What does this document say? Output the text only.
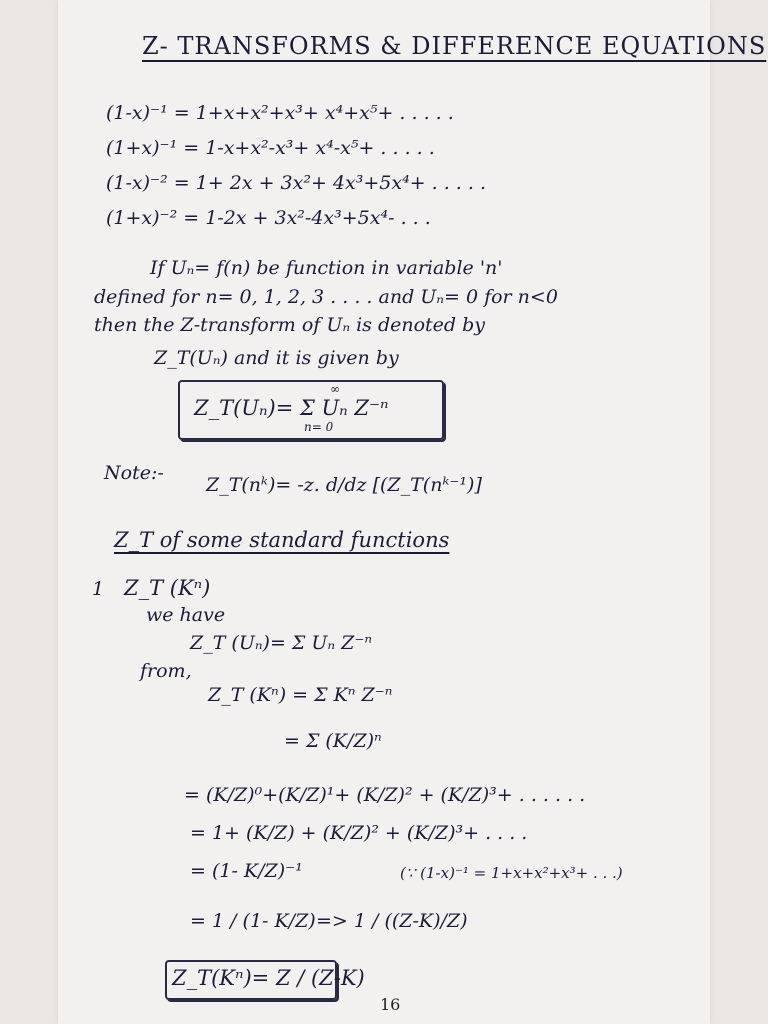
Z- TRANSFORMS & DIFFERENCE EQUATIONS
(1-x)⁻¹ = 1+x+x²+x³+ x⁴+x⁵+ . . . . .
(1+x)⁻¹ = 1-x+x²-x³+ x⁴-x⁵+ . . . . .
(1-x)⁻² = 1+ 2x + 3x²+ 4x³+5x⁴+ . . . . .
(1+x)⁻² = 1-2x + 3x²-4x³+5x⁴- . . .
If Uₙ= f(n) be function in variable 'n'
defined for n= 0, 1, 2, 3 . . . . and Uₙ= 0 for n<0
then the Z-transform of Uₙ is denoted by
Z_T(Uₙ) and it is given by
Z_T(Uₙ)= Σ Uₙ Z⁻ⁿ
∞
n= 0
Note:-
Z_T(nᵏ)= -z. d/dz [(Z_T(nᵏ⁻¹)]
Z_T of some standard functions
1 Z_T (Kⁿ)
we have
Z_T (Uₙ)= Σ Uₙ Z⁻ⁿ
from,
Z_T (Kⁿ) = Σ Kⁿ Z⁻ⁿ
= Σ (K/Z)ⁿ
= (K/Z)⁰+(K/Z)¹+ (K/Z)² + (K/Z)³+ . . . . . .
= 1+ (K/Z) + (K/Z)² + (K/Z)³+ . . . .
= (1- K/Z)⁻¹	(∵ (1-x)⁻¹ = 1+x+x²+x³+ . . .)
= 1 / (1- K/Z) => 1 / ((Z-K)/Z)
Z_T(Kⁿ)= Z / (Z-K)
16
